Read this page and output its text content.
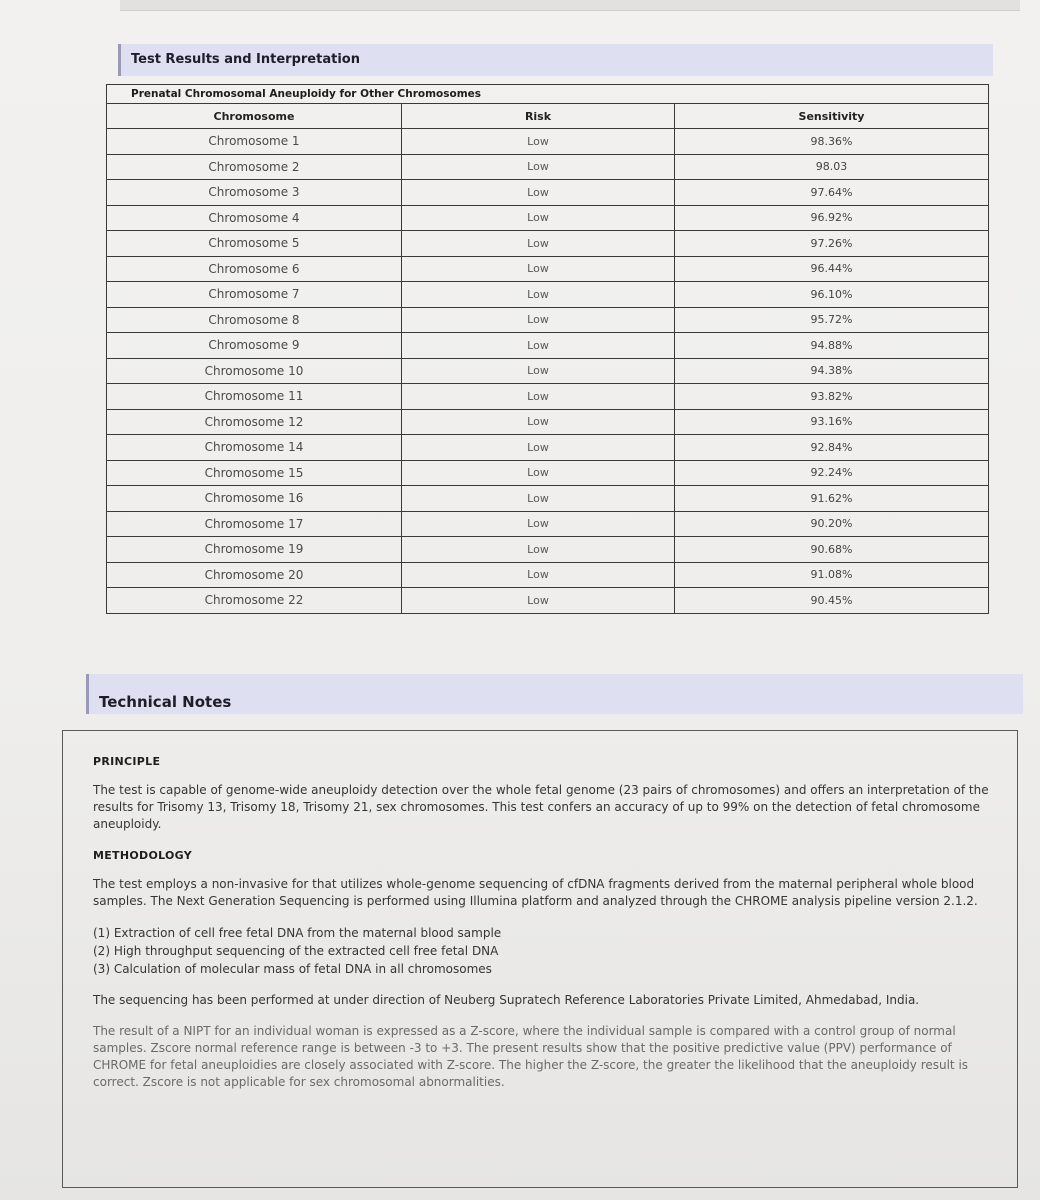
Test Results and Interpretation
Prenatal Chromosomal Aneuploidy for Other Chromosomes		
Chromosome	Risk	Sensitivity
Chromosome 1	Low	98.36%
Chromosome 2	Low	98.03
Chromosome 3	Low	97.64%
Chromosome 4	Low	96.92%
Chromosome 5	Low	97.26%
Chromosome 6	Low	96.44%
Chromosome 7	Low	96.10%
Chromosome 8	Low	95.72%
Chromosome 9	Low	94.88%
Chromosome 10	Low	94.38%
Chromosome 11	Low	93.82%
Chromosome 12	Low	93.16%
Chromosome 14	Low	92.84%
Chromosome 15	Low	92.24%
Chromosome 16	Low	91.62%
Chromosome 17	Low	90.20%
Chromosome 19	Low	90.68%
Chromosome 20	Low	91.08%
Chromosome 22	Low	90.45%
Technical Notes
PRINCIPLE

The test is capable of genome-wide aneuploidy detection over the whole fetal genome (23 pairs of chromosomes) and offers an interpretation of the results for Trisomy 13, Trisomy 18, Trisomy 21, sex chromosomes. This test confers an accuracy of up to 99% on the detection of fetal chromosome aneuploidy.

METHODOLOGY

The test employs a non-invasive for that utilizes whole-genome sequencing of cfDNA fragments derived from the maternal peripheral whole blood samples. The Next Generation Sequencing is performed using Illumina platform and analyzed through the CHROME analysis pipeline version 2.1.2.

(1) Extraction of cell free fetal DNA from the maternal blood sample
(2) High throughput sequencing of the extracted cell free fetal DNA
(3) Calculation of molecular mass of fetal DNA in all chromosomes

The sequencing has been performed at under direction of Neuberg Supratech Reference Laboratories Private Limited, Ahmedabad, India.

The result of a NIPT for an individual woman is expressed as a Z-score, where the individual sample is compared with a control group of normal samples. Zscore normal reference range is between -3 to +3. The present results show that the positive predictive value (PPV) performance of CHROME for fetal aneuploidies are closely associated with Z-score. The higher the Z-score, the greater the likelihood that the aneuploidy result is correct. Zscore is not applicable for sex chromosomal abnormalities.
